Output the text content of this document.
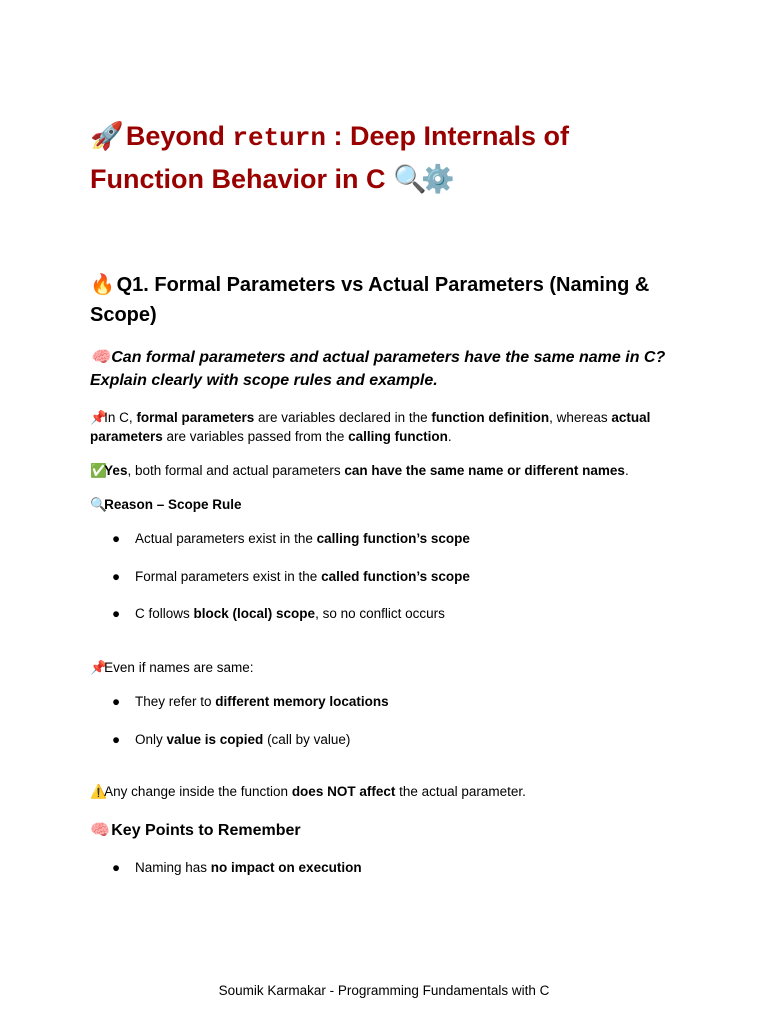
🚀 Beyond return : Deep Internals of
Function Behavior in C 🔍⚙️
🔥 Q1. Formal Parameters vs Actual Parameters (Naming & Scope)
🧠 Can formal parameters and actual parameters have the same name in C? Explain clearly with scope rules and example.
📌In C, formal parameters are variables declared in the function definition, whereas actual parameters are variables passed from the calling function.
✅Yes, both formal and actual parameters can have the same name or different names.
🔍Reason – Scope Rule
● Actual parameters exist in the calling function’s scope
● Formal parameters exist in the called function’s scope
● C follows block (local) scope, so no conflict occurs
📌Even if names are same:
● They refer to different memory locations
● Only value is copied (call by value)
⚠️Any change inside the function does NOT affect the actual parameter.
🧠 Key Points to Remember
● Naming has no impact on execution
Soumik Karmakar - Programming Fundamentals with C
